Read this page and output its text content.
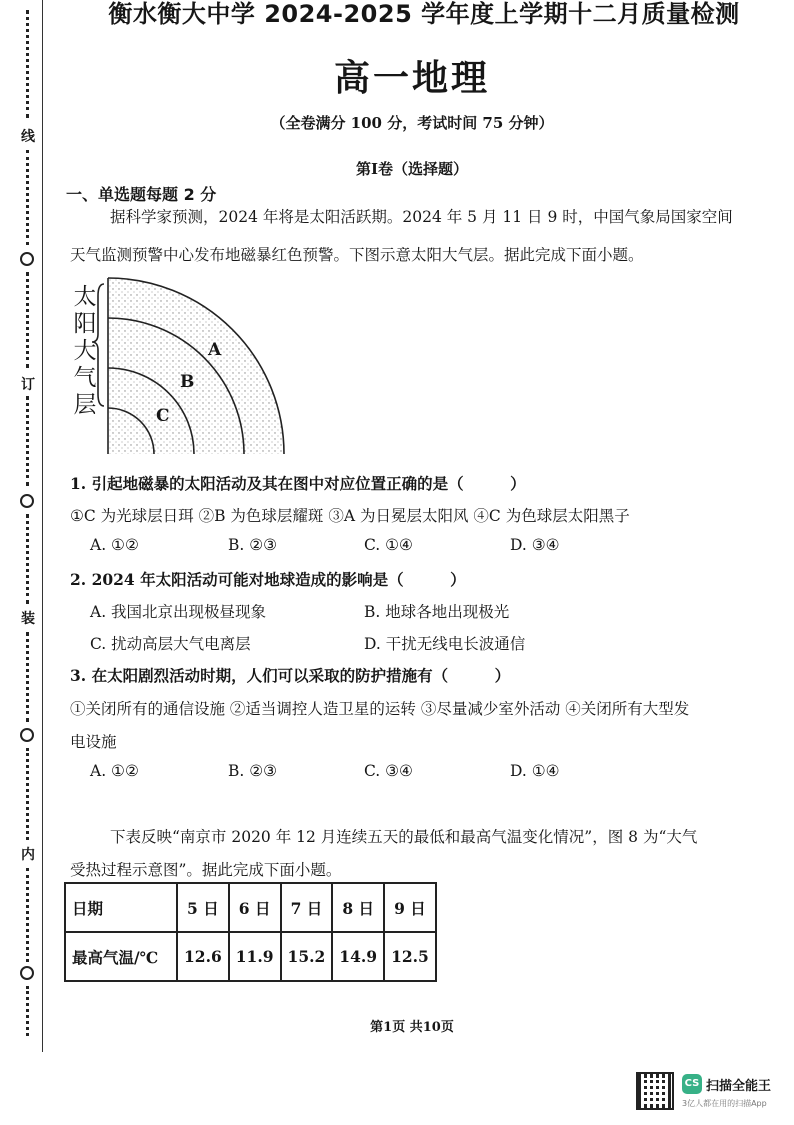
线
订
装
内
衡水衡大中学 2024-2025 学年度上学期十二月质量检测
高一地理
（全卷满分 100 分，考试时间 75 分钟）
第Ⅰ卷（选择题）
一、单选题每题 2 分
据科学家预测，2024 年将是太阳活跃期。2024 年 5 月 11 日 9 时，中国气象局国家空间
天气监测预警中心发布地磁暴红色预警。下图示意太阳大气层。据此完成下面小题。
太
阳
大
气
层
A
B
C
1. 引起地磁暴的太阳活动及其在图中对应位置正确的是（　　　）
①C 为光球层日珥 ②B 为色球层耀斑 ③A 为日冕层太阳风 ④C 为色球层太阳黑子
A. ①②	B. ②③	C. ①④	D. ③④
2. 2024 年太阳活动可能对地球造成的影响是（　　　）
A. 我国北京出现极昼现象	B. 地球各地出现极光
C. 扰动高层大气电离层	D. 干扰无线电长波通信
3. 在太阳剧烈活动时期，人们可以采取的防护措施有（　　　）
①关闭所有的通信设施 ②适当调控人造卫星的运转 ③尽量减少室外活动 ④关闭所有大型发
电设施
A. ①②	B. ②③	C. ③④	D. ①④
下表反映“南京市 2020 年 12 月连续五天的最低和最高气温变化情况”，图 8 为“大气
受热过程示意图”。据此完成下面小题。
日期	5 日	6 日	7 日	8 日	9 日
最高气温/℃	12.6	11.9	15.2	14.9	12.5
第1页 共10页
CS 扫描全能王
3亿人都在用的扫描App
